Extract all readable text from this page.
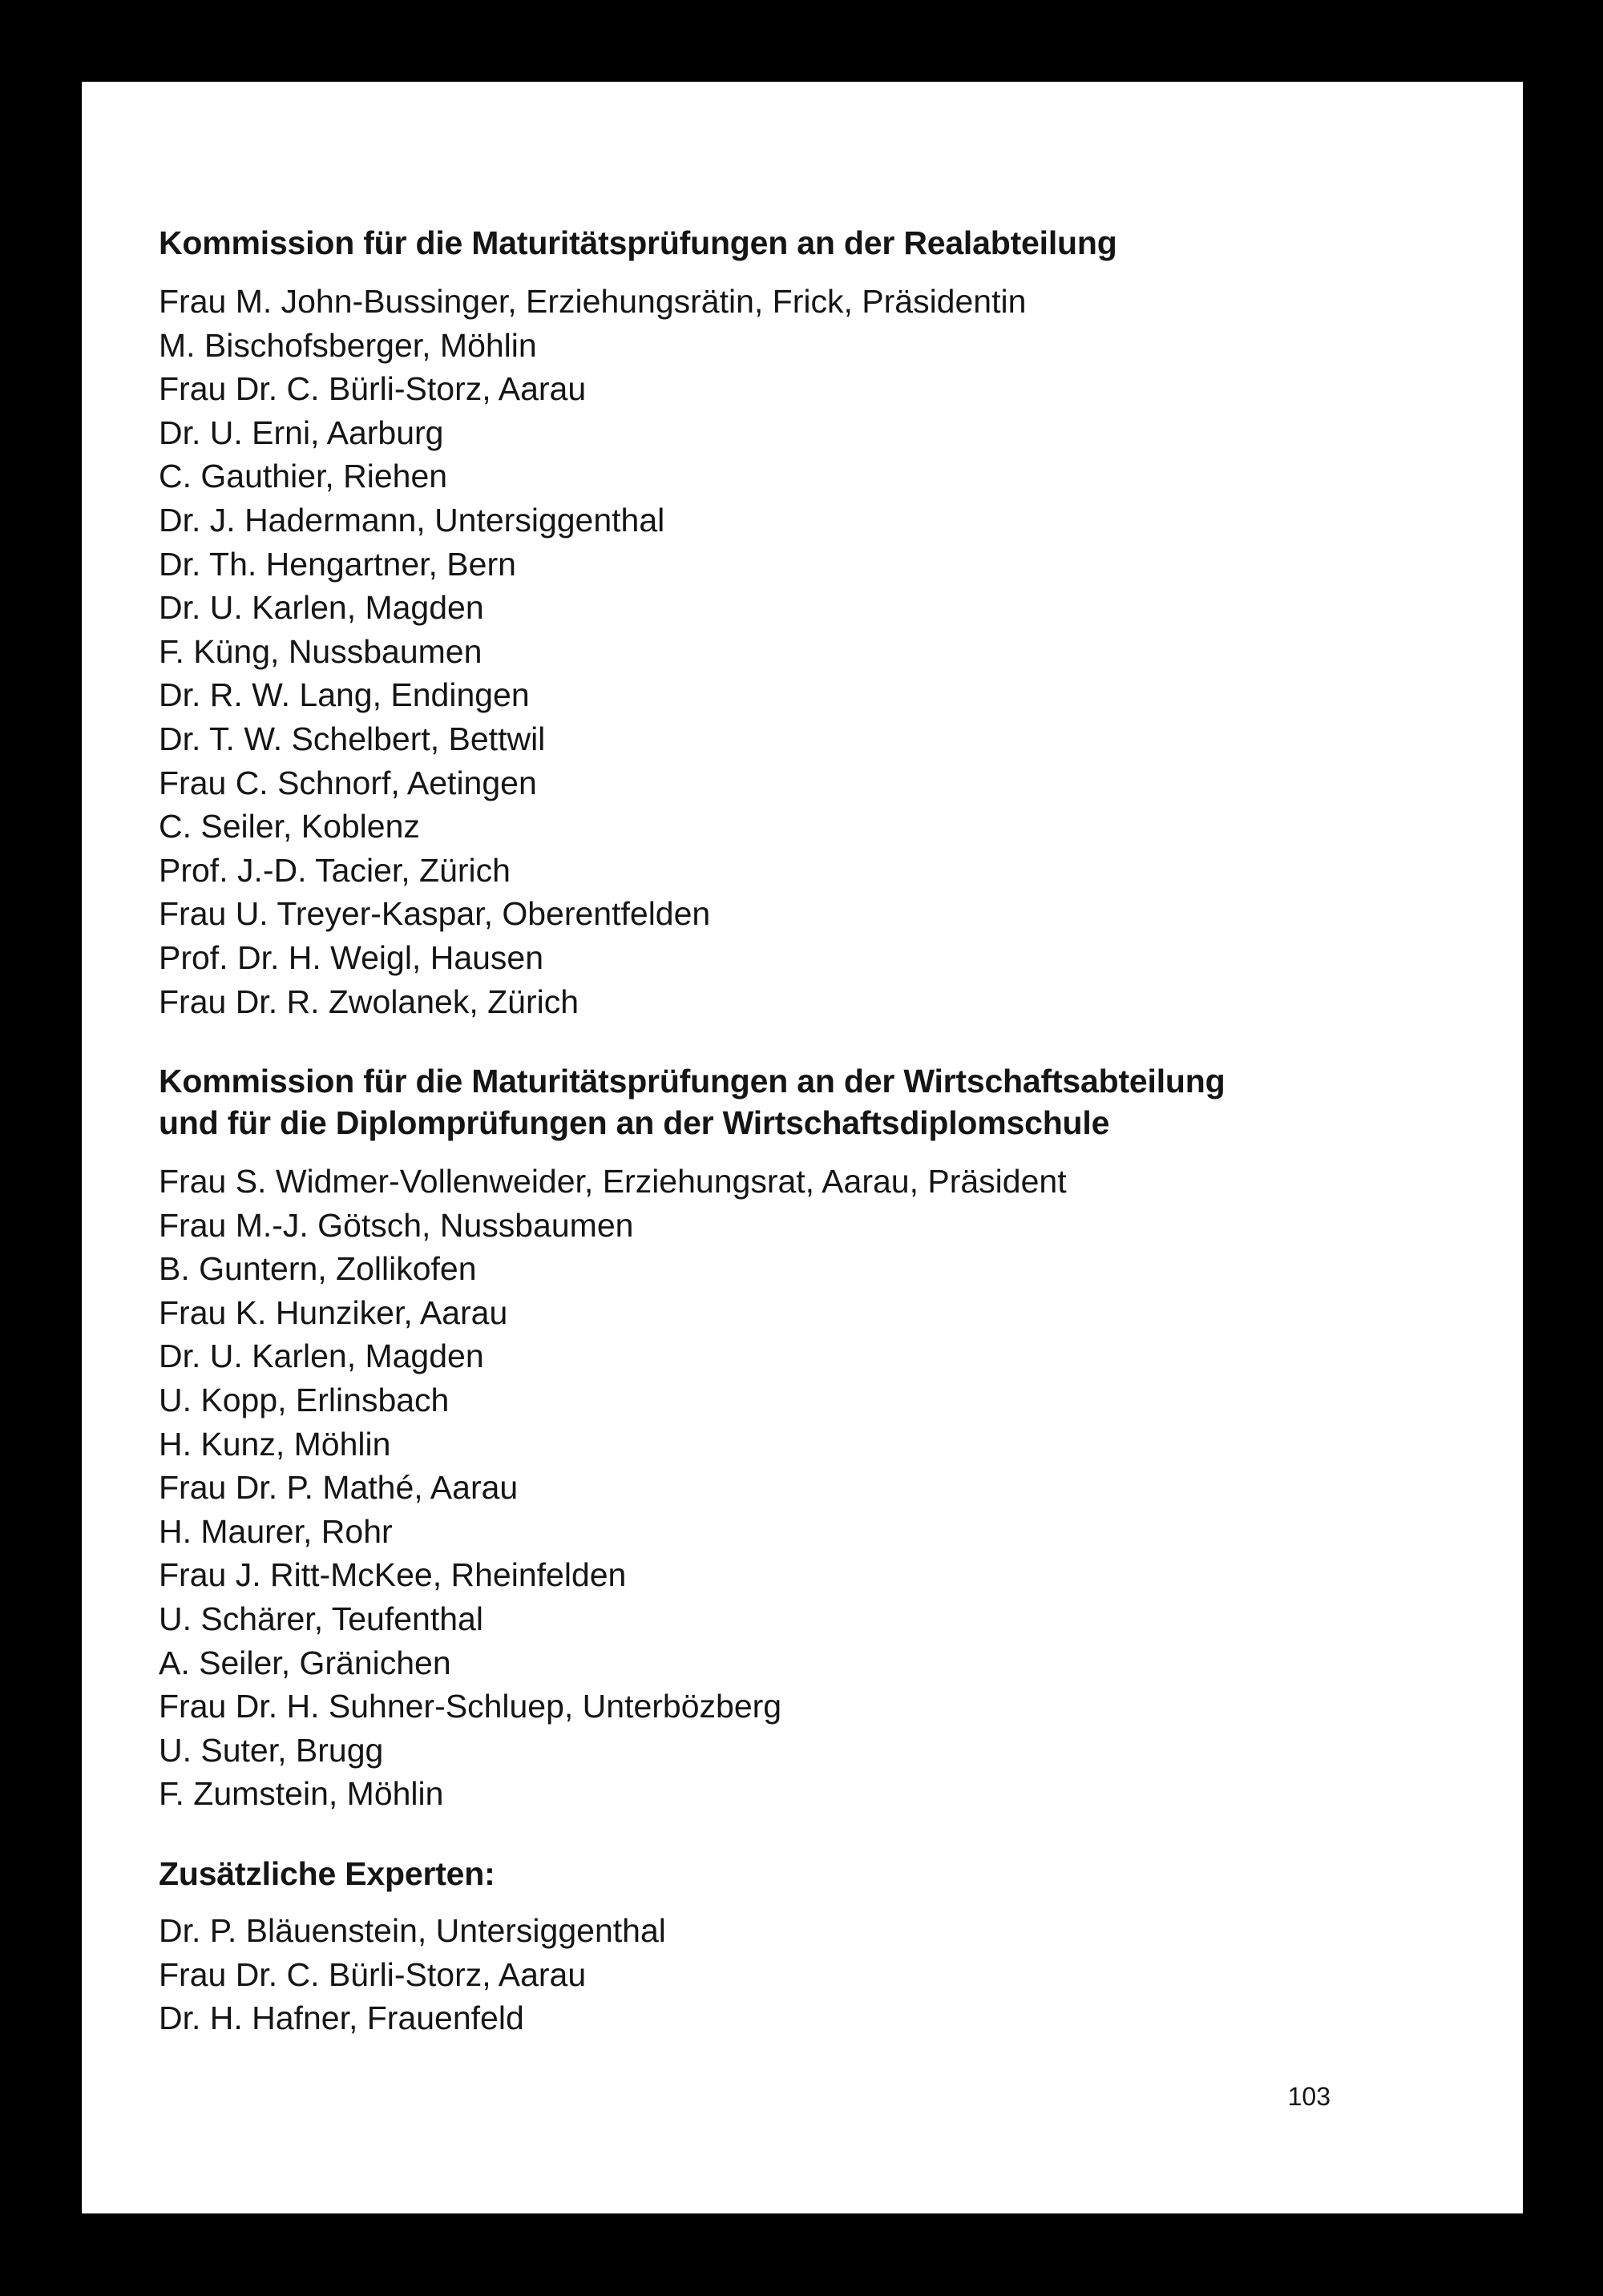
Kommission für die Maturitätsprüfungen an der Realabteilung
Frau M. John-Bussinger, Erziehungsrätin, Frick, Präsidentin
M. Bischofsberger, Möhlin
Frau Dr. C. Bürli-Storz, Aarau
Dr. U. Erni, Aarburg
C. Gauthier, Riehen
Dr. J. Hadermann, Untersiggenthal
Dr. Th. Hengartner, Bern
Dr. U. Karlen, Magden
F. Küng, Nussbaumen
Dr. R. W. Lang, Endingen
Dr. T. W. Schelbert, Bettwil
Frau C. Schnorf, Aetingen
C. Seiler, Koblenz
Prof. J.-D. Tacier, Zürich
Frau U. Treyer-Kaspar, Oberentfelden
Prof. Dr. H. Weigl, Hausen
Frau Dr. R. Zwolanek, Zürich
Kommission für die Maturitätsprüfungen an der Wirtschaftsabteilung
und für die Diplomprüfungen an der Wirtschaftsdiplomschule
Frau S. Widmer-Vollenweider, Erziehungsrat, Aarau, Präsident
Frau M.-J. Götsch, Nussbaumen
B. Guntern, Zollikofen
Frau K. Hunziker, Aarau
Dr. U. Karlen, Magden
U. Kopp, Erlinsbach
H. Kunz, Möhlin
Frau Dr. P. Mathé, Aarau
H. Maurer, Rohr
Frau J. Ritt-McKee, Rheinfelden
U. Schärer, Teufenthal
A. Seiler, Gränichen
Frau Dr. H. Suhner-Schluep, Unterbözberg
U. Suter, Brugg
F. Zumstein, Möhlin
Zusätzliche Experten:
Dr. P. Bläuenstein, Untersiggenthal
Frau Dr. C. Bürli-Storz, Aarau
Dr. H. Hafner, Frauenfeld
103
